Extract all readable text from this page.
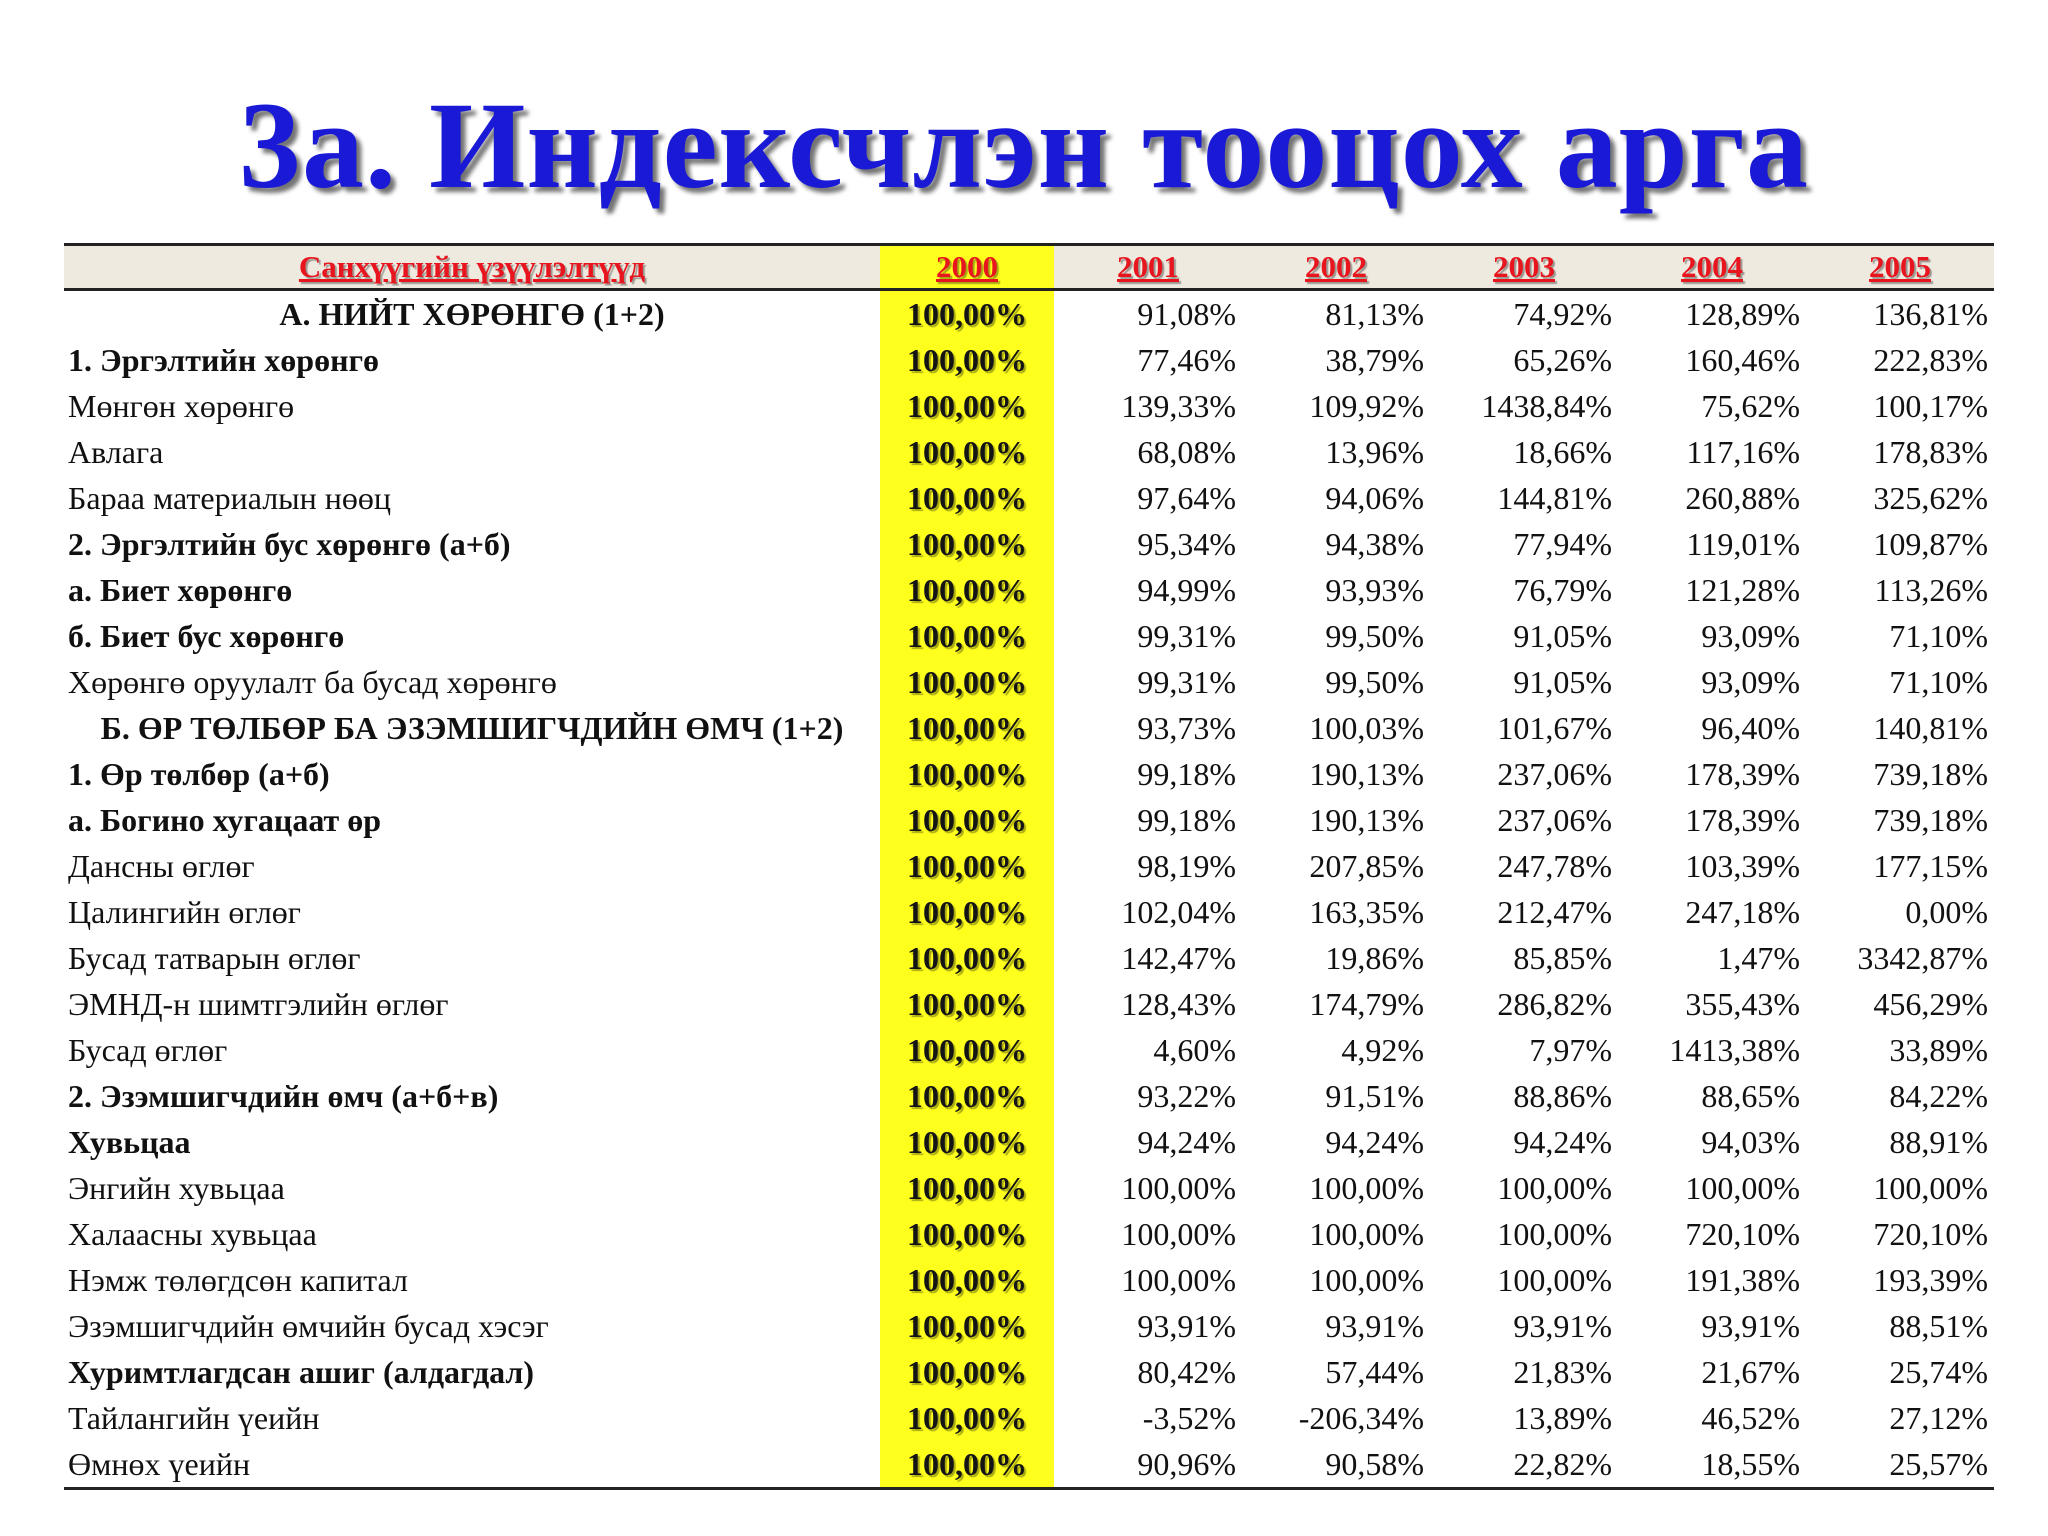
3а. Индексчлэн тооцох арга
Санхүүгийн үзүүлэлтүүд	2000	2001	2002	2003	2004	2005
А. НИЙТ ХӨРӨНГӨ (1+2)	100,00%	91,08%	81,13%	74,92%	128,89%	136,81%
1. Эргэлтийн хөрөнгө	100,00%	77,46%	38,79%	65,26%	160,46%	222,83%
Мөнгөн хөрөнгө	100,00%	139,33%	109,92%	1438,84%	75,62%	100,17%
Авлага	100,00%	68,08%	13,96%	18,66%	117,16%	178,83%
Бараа материалын нөөц	100,00%	97,64%	94,06%	144,81%	260,88%	325,62%
2. Эргэлтийн бус хөрөнгө (а+б)	100,00%	95,34%	94,38%	77,94%	119,01%	109,87%
а. Биет хөрөнгө	100,00%	94,99%	93,93%	76,79%	121,28%	113,26%
б. Биет бус хөрөнгө	100,00%	99,31%	99,50%	91,05%	93,09%	71,10%
Хөрөнгө оруулалт ба бусад хөрөнгө	100,00%	99,31%	99,50%	91,05%	93,09%	71,10%
Б. ӨР ТӨЛБӨР БА ЭЗЭМШИГЧДИЙН ӨМЧ (1+2)	100,00%	93,73%	100,03%	101,67%	96,40%	140,81%
1. Өр төлбөр (а+б)	100,00%	99,18%	190,13%	237,06%	178,39%	739,18%
а. Богино хугацаат өр	100,00%	99,18%	190,13%	237,06%	178,39%	739,18%
Дансны өглөг	100,00%	98,19%	207,85%	247,78%	103,39%	177,15%
Цалингийн өглөг	100,00%	102,04%	163,35%	212,47%	247,18%	0,00%
Бусад татварын өглөг	100,00%	142,47%	19,86%	85,85%	1,47%	3342,87%
ЭМНД-н шимтгэлийн өглөг	100,00%	128,43%	174,79%	286,82%	355,43%	456,29%
Бусад өглөг	100,00%	4,60%	4,92%	7,97%	1413,38%	33,89%
2. Эзэмшигчдийн өмч (а+б+в)	100,00%	93,22%	91,51%	88,86%	88,65%	84,22%
Хувьцаа	100,00%	94,24%	94,24%	94,24%	94,03%	88,91%
Энгийн хувьцаа	100,00%	100,00%	100,00%	100,00%	100,00%	100,00%
Халаасны хувьцаа	100,00%	100,00%	100,00%	100,00%	720,10%	720,10%
Нэмж төлөгдсөн капитал	100,00%	100,00%	100,00%	100,00%	191,38%	193,39%
Эзэмшигчдийн өмчийн бусад хэсэг	100,00%	93,91%	93,91%	93,91%	93,91%	88,51%
Хуримтлагдсан ашиг (алдагдал)	100,00%	80,42%	57,44%	21,83%	21,67%	25,74%
Тайлангийн үеийн	100,00%	-3,52%	-206,34%	13,89%	46,52%	27,12%
Өмнөх үеийн	100,00%	90,96%	90,58%	22,82%	18,55%	25,57%
